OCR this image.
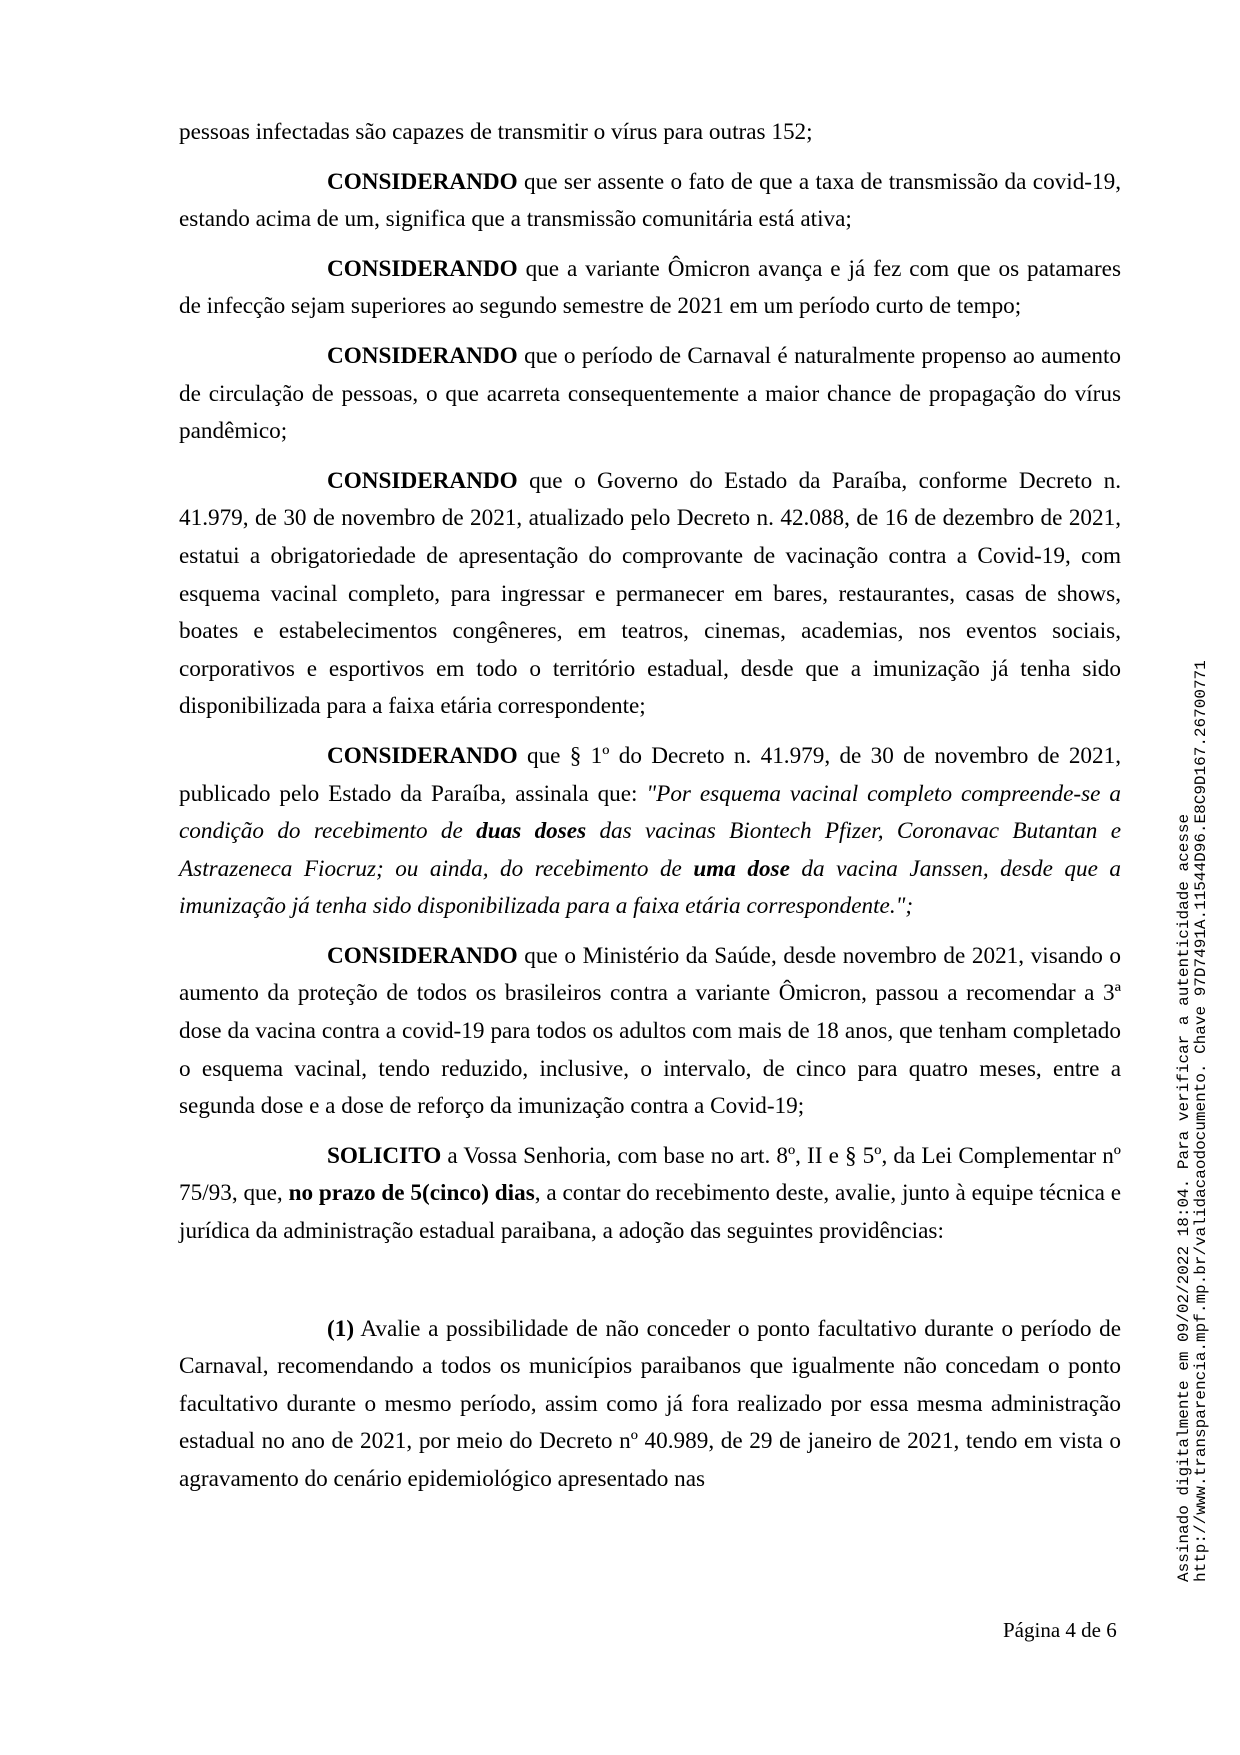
pessoas infectadas são capazes de transmitir o vírus para outras 152;

CONSIDERANDO que ser assente o fato de que a taxa de transmissão da covid-19, estando acima de um, significa que a transmissão comunitária está ativa;

CONSIDERANDO que a variante Ômicron avança e já fez com que os patamares de infecção sejam superiores ao segundo semestre de 2021 em um período curto de tempo;

CONSIDERANDO que o período de Carnaval é naturalmente propenso ao aumento de circulação de pessoas, o que acarreta consequentemente a maior chance de propagação do vírus pandêmico;

CONSIDERANDO que o Governo do Estado da Paraíba, conforme Decreto n. 41.979, de 30 de novembro de 2021, atualizado pelo Decreto n. 42.088, de 16 de dezembro de 2021, estatui a obrigatoriedade de apresentação do comprovante de vacinação contra a Covid-19, com esquema vacinal completo, para ingressar e permanecer em bares, restaurantes, casas de shows, boates e estabelecimentos congêneres, em teatros, cinemas, academias, nos eventos sociais, corporativos e esportivos em todo o território estadual, desde que a imunização já tenha sido disponibilizada para a faixa etária correspondente;

CONSIDERANDO que § 1º do Decreto n. 41.979, de 30 de novembro de 2021, publicado pelo Estado da Paraíba, assinala que: "Por esquema vacinal completo compreende-se a condição do recebimento de duas doses das vacinas Biontech Pfizer, Coronavac Butantan e Astrazeneca Fiocruz; ou ainda, do recebimento de uma dose da vacina Janssen, desde que a imunização já tenha sido disponibilizada para a faixa etária correspondente.";

CONSIDERANDO que o Ministério da Saúde, desde novembro de 2021, visando o aumento da proteção de todos os brasileiros contra a variante Ômicron, passou a recomendar a 3ª dose da vacina contra a covid-19 para todos os adultos com mais de 18 anos, que tenham completado o esquema vacinal, tendo reduzido, inclusive, o intervalo, de cinco para quatro meses, entre a segunda dose e a dose de reforço da imunização contra a Covid-19;

SOLICITO a Vossa Senhoria, com base no art. 8º, II e § 5º, da Lei Complementar nº 75/93, que, no prazo de 5(cinco) dias, a contar do recebimento deste, avalie, junto à equipe técnica e jurídica da administração estadual paraibana, a adoção das seguintes providências:

(1) Avalie a possibilidade de não conceder o ponto facultativo durante o período de Carnaval, recomendando a todos os municípios paraibanos que igualmente não concedam o ponto facultativo durante o mesmo período, assim como já fora realizado por essa mesma administração estadual no ano de 2021, por meio do Decreto nº 40.989, de 29 de janeiro de 2021, tendo em vista o agravamento do cenário epidemiológico apresentado nas

Página 4 de 6
Assinado digitalmente em 09/02/2022 18:04. Para verificar a autenticidade acesse http://www.transparencia.mpf.mp.br/validacaodocumento. Chave 97D7491A.11544D96.E8C9D167.26700771
